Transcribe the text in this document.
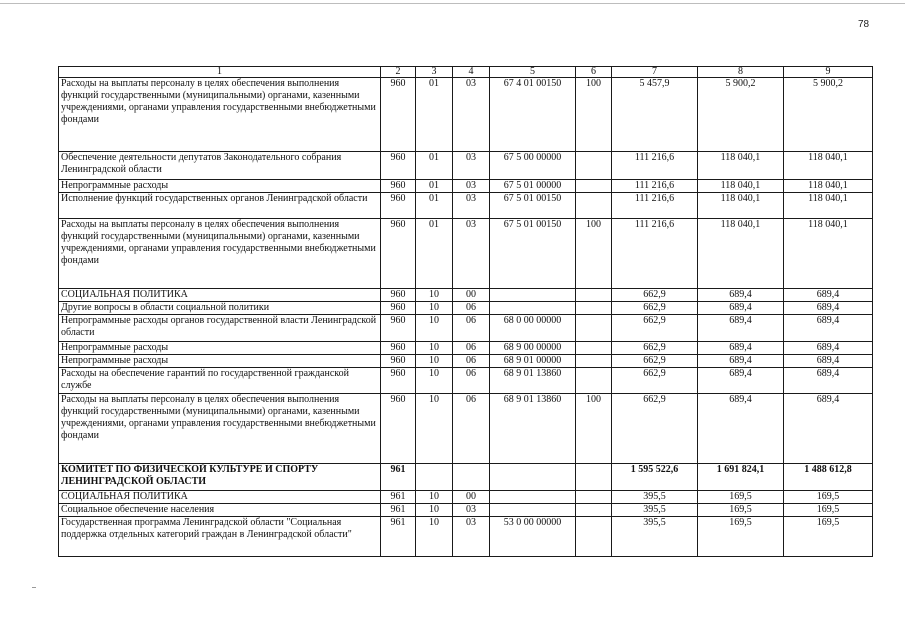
78
1	2	3	4	5	6	7	8	9
Расходы на выплаты персоналу в целях обеспечения выполнения функций государственными (муниципальными) органами, казенными учреждениями, органами управления государственными внебюджетными фондами	960	01	03	67 4 01 00150	100	5 457,9	5 900,2	5 900,2
Обеспечение деятельности депутатов Законодательного собрания Ленинградской области	960	01	03	67 5 00 00000		111 216,6	118 040,1	118 040,1
Непрограммные расходы	960	01	03	67 5 01 00000		111 216,6	118 040,1	118 040,1
Исполнение функций государственных органов Ленинградской области	960	01	03	67 5 01 00150		111 216,6	118 040,1	118 040,1
Расходы на выплаты персоналу в целях обеспечения выполнения функций государственными (муниципальными) органами, казенными учреждениями, органами управления государственными внебюджетными фондами	960	01	03	67 5 01 00150	100	111 216,6	118 040,1	118 040,1
СОЦИАЛЬНАЯ ПОЛИТИКА	960	10	00			662,9	689,4	689,4
Другие вопросы в области социальной политики	960	10	06			662,9	689,4	689,4
Непрограммные расходы органов государственной власти Ленинградской области	960	10	06	68 0 00 00000		662,9	689,4	689,4
Непрограммные расходы	960	10	06	68 9 00 00000		662,9	689,4	689,4
Непрограммные расходы	960	10	06	68 9 01 00000		662,9	689,4	689,4
Расходы на обеспечение гарантий по государственной гражданской службе	960	10	06	68 9 01 13860		662,9	689,4	689,4
Расходы на выплаты персоналу в целях обеспечения выполнения функций государственными (муниципальными) органами, казенными учреждениями, органами управления государственными внебюджетными фондами	960	10	06	68 9 01 13860	100	662,9	689,4	689,4
КОМИТЕТ ПО ФИЗИЧЕСКОЙ КУЛЬТУРЕ И СПОРТУ ЛЕНИНГРАДСКОЙ ОБЛАСТИ	961					1 595 522,6	1 691 824,1	1 488 612,8
СОЦИАЛЬНАЯ ПОЛИТИКА	961	10	00			395,5	169,5	169,5
Социальное обеспечение населения	961	10	03			395,5	169,5	169,5
Государственная программа Ленинградской области "Социальная поддержка отдельных категорий граждан в Ленинградской области"	961	10	03	53 0 00 00000		395,5	169,5	169,5
